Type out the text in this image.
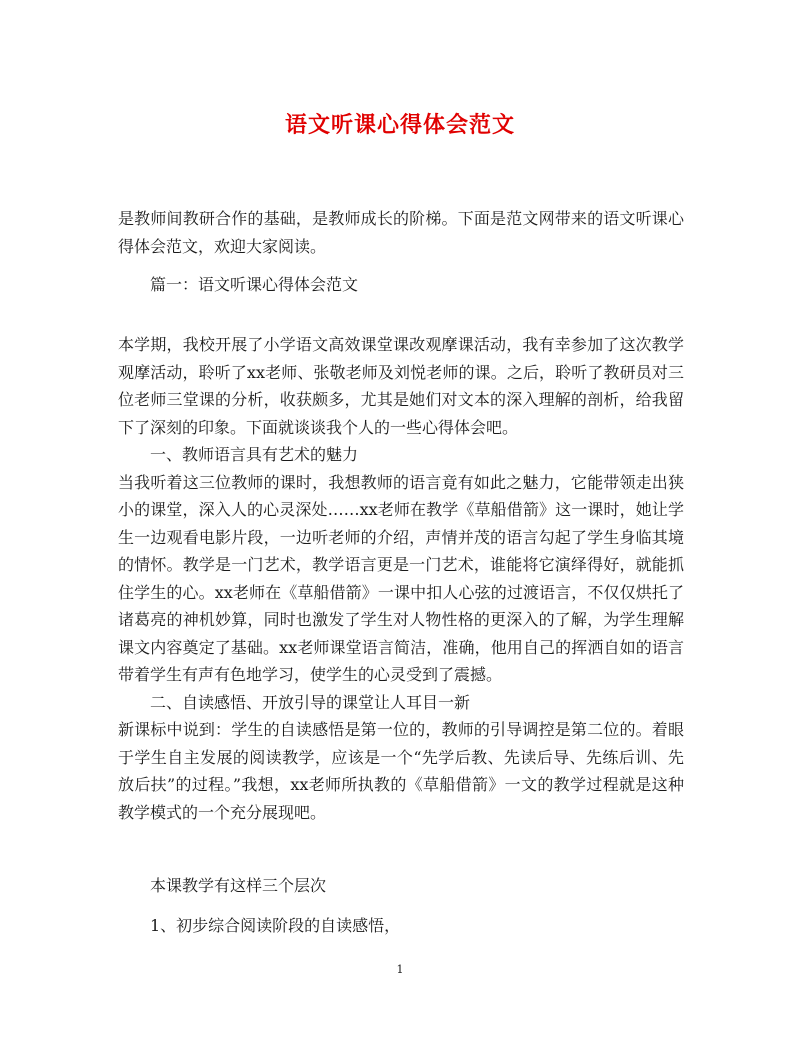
语文听课心得体会范文

是教师间教研合作的基础，是教师成长的阶梯。下面是范文网带来的语文听课心得体会范文，欢迎大家阅读。

篇一：语文听课心得体会范文

本学期，我校开展了小学语文高效课堂课改观摩课活动，我有幸参加了这次教学观摩活动，聆听了xx老师、张敬老师及刘悦老师的课。之后，聆听了教研员对三位老师三堂课的分析，收获颇多，尤其是她们对文本的深入理解的剖析，给我留下了深刻的印象。下面就谈谈我个人的一些心得体会吧。

一、教师语言具有艺术的魅力

当我听着这三位教师的课时，我想教师的语言竟有如此之魅力，它能带领走出狭小的课堂，深入人的心灵深处……xx老师在教学《草船借箭》这一课时，她让学生一边观看电影片段，一边听老师的介绍，声情并茂的语言勾起了学生身临其境的情怀。教学是一门艺术，教学语言更是一门艺术，谁能将它演绎得好，就能抓住学生的心。xx老师在《草船借箭》一课中扣人心弦的过渡语言，不仅仅烘托了诸葛亮的神机妙算，同时也激发了学生对人物性格的更深入的了解，为学生理解课文内容奠定了基础。xx老师课堂语言简洁，准确，他用自己的挥洒自如的语言带着学生有声有色地学习，使学生的心灵受到了震撼。

二、自读感悟、开放引导的课堂让人耳目一新

新课标中说到：学生的自读感悟是第一位的，教师的引导调控是第二位的。着眼于学生自主发展的阅读教学，应该是一个“先学后教、先读后导、先练后训、先放后扶”的过程。”我想，xx老师所执教的《草船借箭》一文的教学过程就是这种教学模式的一个充分展现吧。

本课教学有这样三个层次

1、初步综合阅读阶段的自读感悟，

1
